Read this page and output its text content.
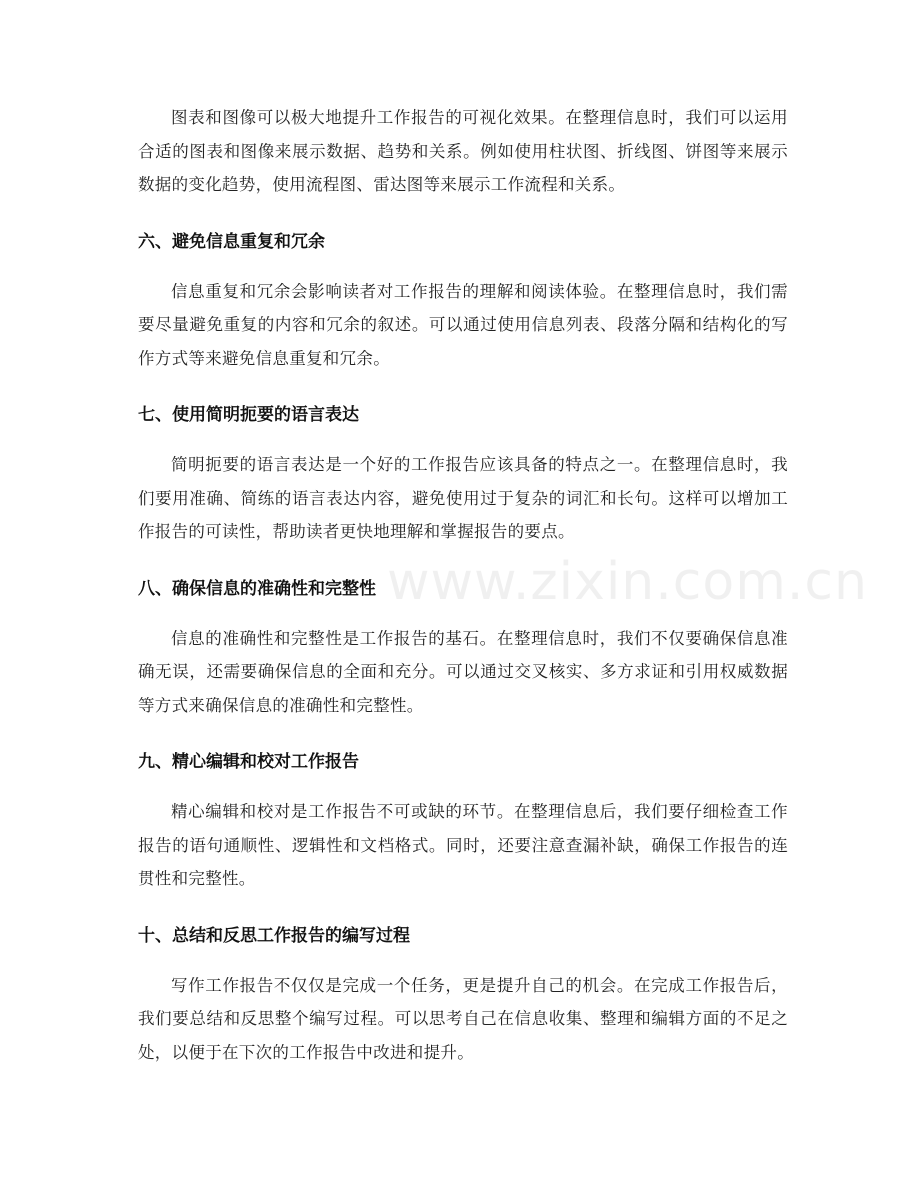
图表和图像可以极大地提升工作报告的可视化效果。在整理信息时，我们可以运用合适的图表和图像来展示数据、趋势和关系。例如使用柱状图、折线图、饼图等来展示数据的变化趋势，使用流程图、雷达图等来展示工作流程和关系。

六、避免信息重复和冗余

信息重复和冗余会影响读者对工作报告的理解和阅读体验。在整理信息时，我们需要尽量避免重复的内容和冗余的叙述。可以通过使用信息列表、段落分隔和结构化的写作方式等来避免信息重复和冗余。

七、使用简明扼要的语言表达

简明扼要的语言表达是一个好的工作报告应该具备的特点之一。在整理信息时，我们要用准确、简练的语言表达内容，避免使用过于复杂的词汇和长句。这样可以增加工作报告的可读性，帮助读者更快地理解和掌握报告的要点。

八、确保信息的准确性和完整性

信息的准确性和完整性是工作报告的基石。在整理信息时，我们不仅要确保信息准确无误，还需要确保信息的全面和充分。可以通过交叉核实、多方求证和引用权威数据等方式来确保信息的准确性和完整性。

九、精心编辑和校对工作报告

精心编辑和校对是工作报告不可或缺的环节。在整理信息后，我们要仔细检查工作报告的语句通顺性、逻辑性和文档格式。同时，还要注意查漏补缺，确保工作报告的连贯性和完整性。

十、总结和反思工作报告的编写过程

写作工作报告不仅仅是完成一个任务，更是提升自己的机会。在完成工作报告后，我们要总结和反思整个编写过程。可以思考自己在信息收集、整理和编辑方面的不足之处，以便于在下次的工作报告中改进和提升。

www.zixin.com.cn
